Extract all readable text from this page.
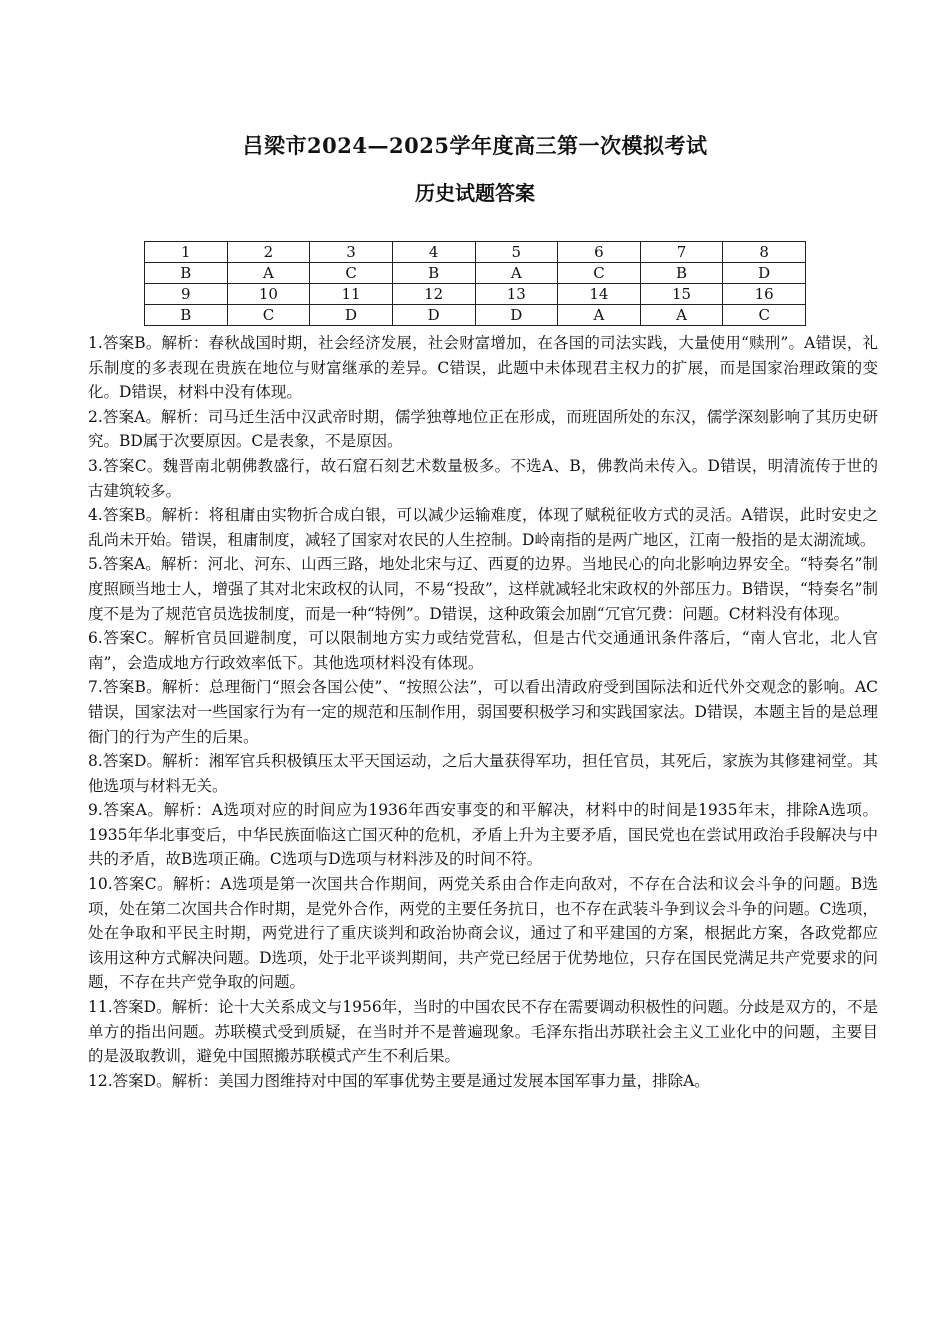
吕梁市2024—2025学年度高三第一次模拟考试
历史试题答案
1	2	3	4	5	6	7	8
B	A	C	B	A	C	B	D
9	10	11	12	13	14	15	16
B	C	D	D	D	A	A	C

1.答案B。解析：春秋战国时期，社会经济发展，社会财富增加，在各国的司法实践，大量使用“赎刑”。A错误，礼乐制度的多表现在贵族在地位与财富继承的差异。C错误，此题中未体现君主权力的扩展，而是国家治理政策的变化。D错误，材料中没有体现。

2.答案A。解析：司马迁生活中汉武帝时期，儒学独尊地位正在形成，而班固所处的东汉，儒学深刻影响了其历史研究。BD属于次要原因。C是表象，不是原因。

3.答案C。魏晋南北朝佛教盛行，故石窟石刻艺术数量极多。不选A、B，佛教尚未传入。D错误，明清流传于世的古建筑较多。

4.答案B。解析：将租庸由实物折合成白银，可以减少运输难度，体现了赋税征收方式的灵活。A错误，此时安史之乱尚未开始。错误，租庸制度，减轻了国家对农民的人生控制。D岭南指的是两广地区，江南一般指的是太湖流域。

5.答案A。解析：河北、河东、山西三路，地处北宋与辽、西夏的边界。当地民心的向北影响边界安全。“特奏名”制度照顾当地士人，增强了其对北宋政权的认同，不易“投敌”，这样就减轻北宋政权的外部压力。B错误，“特奏名”制度不是为了规范官员选拔制度，而是一种“特例”。D错误，这种政策会加剧“冗官冗费：问题。C材料没有体现。

6.答案C。解析官员回避制度，可以限制地方实力或结党营私，但是古代交通通讯条件落后，“南人官北，北人官南”，会造成地方行政效率低下。其他选项材料没有体现。

7.答案B。解析：总理衙门“照会各国公使”、“按照公法”，可以看出清政府受到国际法和近代外交观念的影响。AC错误，国家法对一些国家行为有一定的规范和压制作用，弱国要积极学习和实践国家法。D错误，本题主旨的是总理衙门的行为产生的后果。

8.答案D。解析：湘军官兵积极镇压太平天国运动，之后大量获得军功，担任官员，其死后，家族为其修建祠堂。其他选项与材料无关。

9.答案A。解析：A选项对应的时间应为1936年西安事变的和平解决，材料中的时间是1935年末，排除A选项。1935年华北事变后，中华民族面临这亡国灭种的危机，矛盾上升为主要矛盾，国民党也在尝试用政治手段解决与中共的矛盾，故B选项正确。C选项与D选项与材料涉及的时间不符。

10.答案C。解析：A选项是第一次国共合作期间，两党关系由合作走向敌对，不存在合法和议会斗争的问题。B选项，处在第二次国共合作时期，是党外合作，两党的主要任务抗日，也不存在武装斗争到议会斗争的问题。C选项，处在争取和平民主时期，两党进行了重庆谈判和政治协商会议，通过了和平建国的方案，根据此方案，各政党都应该用这种方式解决问题。D选项，处于北平谈判期间，共产党已经居于优势地位，只存在国民党满足共产党要求的问题，不存在共产党争取的问题。

11.答案D。解析：论十大关系成文与1956年，当时的中国农民不存在需要调动积极性的问题。分歧是双方的，不是单方的指出问题。苏联模式受到质疑，在当时并不是普遍现象。毛泽东指出苏联社会主义工业化中的问题，主要目的是汲取教训，避免中国照搬苏联模式产生不利后果。

12.答案D。解析：美国力图维持对中国的军事优势主要是通过发展本国军事力量，排除A。
